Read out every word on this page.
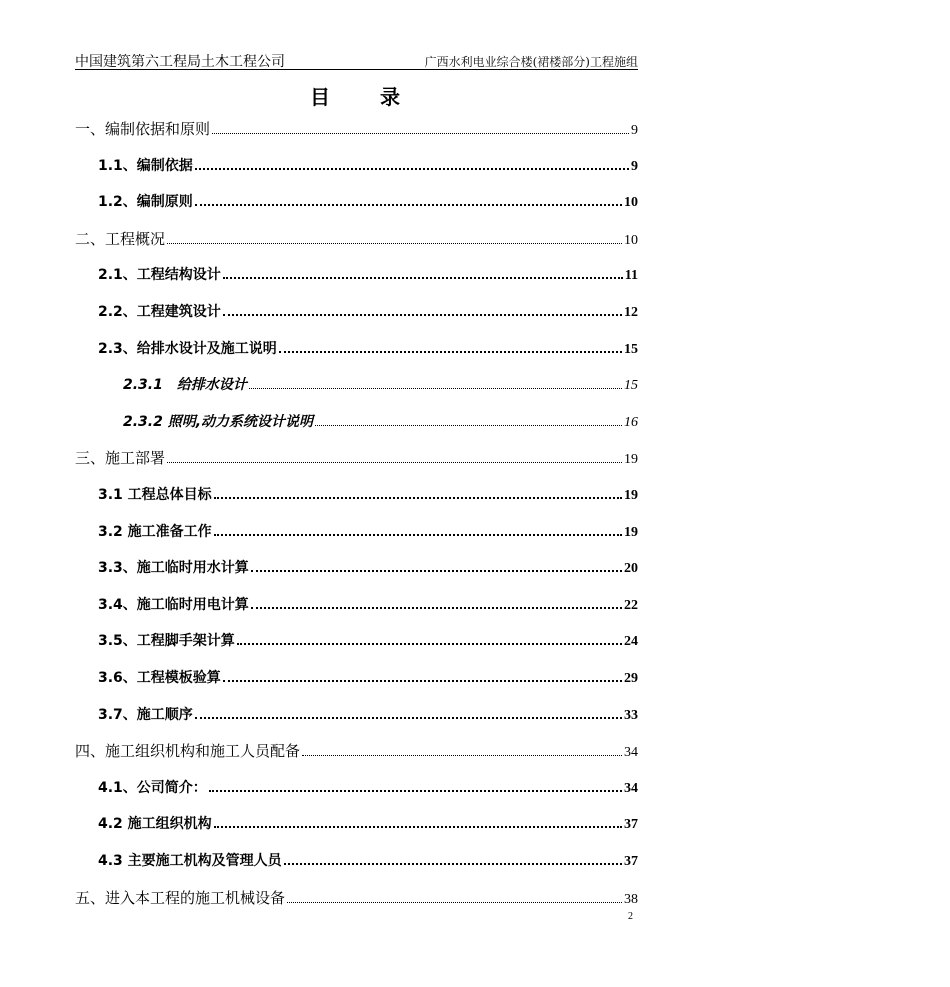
中国建筑第六工程局土木工程公司	广西水利电业综合楼(裙楼部分)工程施组
目录
一、编制依据和原则	9
1.1、编制依据	9
1.2、编制原则	10
二、工程概况	10
2.1、工程结构设计	11
2.2、工程建筑设计	12
2.3、给排水设计及施工说明	15
2.3.1　给排水设计	15
2.3.2 照明,动力系统设计说明	16
三、施工部署	19
3.1 工程总体目标	19
3.2 施工准备工作	19
3.3、施工临时用水计算	20
3.4、施工临时用电计算	22
3.5、工程脚手架计算	24
3.6、工程模板验算	29
3.7、施工顺序	33
四、施工组织机构和施工人员配备	34
4.1、公司简介：	34
4.2 施工组织机构	37
4.3 主要施工机构及管理人员	37
五、进入本工程的施工机械设备	38
2
